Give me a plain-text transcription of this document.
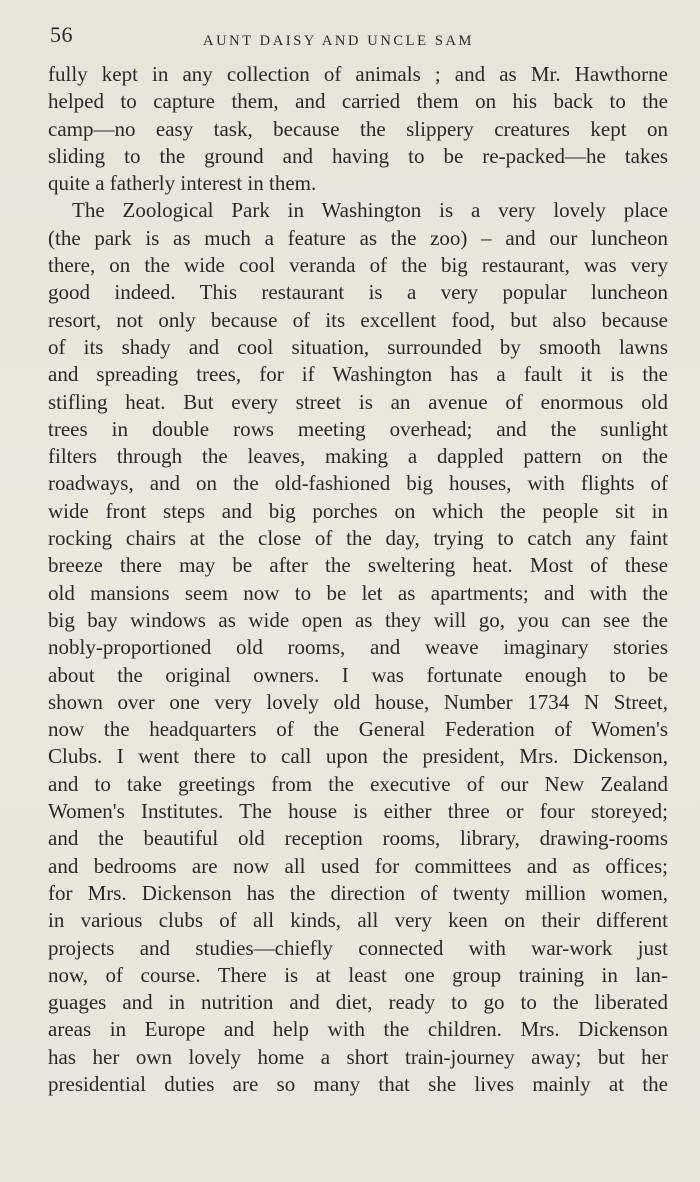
56	AUNT DAISY AND UNCLE SAM

fully kept in any collection of animals ; and as Mr. Hawthorne
helped to capture them, and carried them on his back to the
camp—no easy task, because the slippery creatures kept on
sliding to the ground and having to be re-packed—he takes
quite a fatherly interest in them.

The Zoological Park in Washington is a very lovely place
(the park is as much a feature as the zoo) – and our luncheon
there, on the wide cool veranda of the big restaurant, was very
good indeed. This restaurant is a very popular luncheon
resort, not only because of its excellent food, but also because
of its shady and cool situation, surrounded by smooth lawns
and spreading trees, for if Washington has a fault it is the
stifling heat. But every street is an avenue of enormous old
trees in double rows meeting overhead; and the sunlight
filters through the leaves, making a dappled pattern on the
roadways, and on the old-fashioned big houses, with flights of
wide front steps and big porches on which the people sit in
rocking chairs at the close of the day, trying to catch any faint
breeze there may be after the sweltering heat. Most of these
old mansions seem now to be let as apartments; and with the
big bay windows as wide open as they will go, you can see the
nobly-proportioned old rooms, and weave imaginary stories
about the original owners. I was fortunate enough to be
shown over one very lovely old house, Number 1734 N Street,
now the headquarters of the General Federation of Women's
Clubs. I went there to call upon the president, Mrs. Dickenson,
and to take greetings from the executive of our New Zealand
Women's Institutes. The house is either three or four storeyed;
and the beautiful old reception rooms, library, drawing-rooms
and bedrooms are now all used for committees and as offices;
for Mrs. Dickenson has the direction of twenty million women,
in various clubs of all kinds, all very keen on their different
projects and studies—chiefly connected with war-work just
now, of course. There is at least one group training in lan-
guages and in nutrition and diet, ready to go to the liberated
areas in Europe and help with the children. Mrs. Dickenson
has her own lovely home a short train-journey away; but her
presidential duties are so many that she lives mainly at the
